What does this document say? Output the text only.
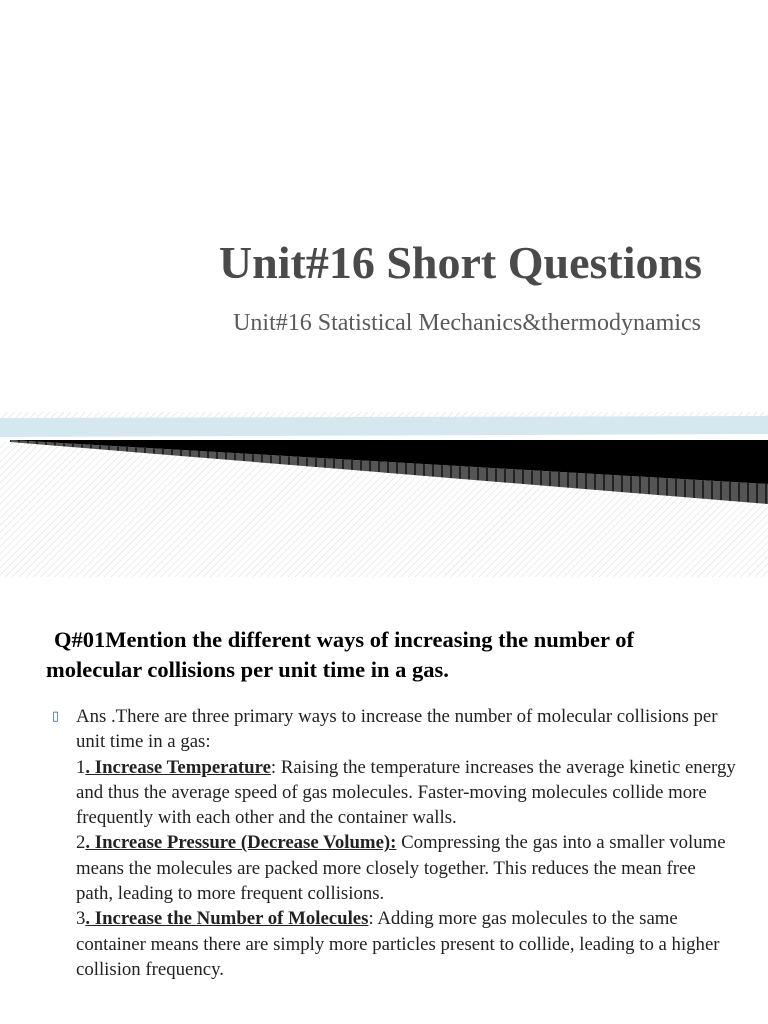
Unit#16 Short Questions
Unit#16 Statistical Mechanics&thermodynamics
Q#01Mention the different ways of increasing the number of
molecular collisions per unit time in a gas.
▯ Ans .There are three primary ways to increase the number of molecular collisions per unit time in a gas:

1. Increase Temperature: Raising the temperature increases the average kinetic energy and thus the average speed of gas molecules. Faster-moving molecules collide more frequently with each other and the container walls.

2. Increase Pressure (Decrease Volume): Compressing the gas into a smaller volume means the molecules are packed more closely together. This reduces the mean free path, leading to more frequent collisions.

3. Increase the Number of Molecules: Adding more gas molecules to the same container means there are simply more particles present to collide, leading to a higher collision frequency.
